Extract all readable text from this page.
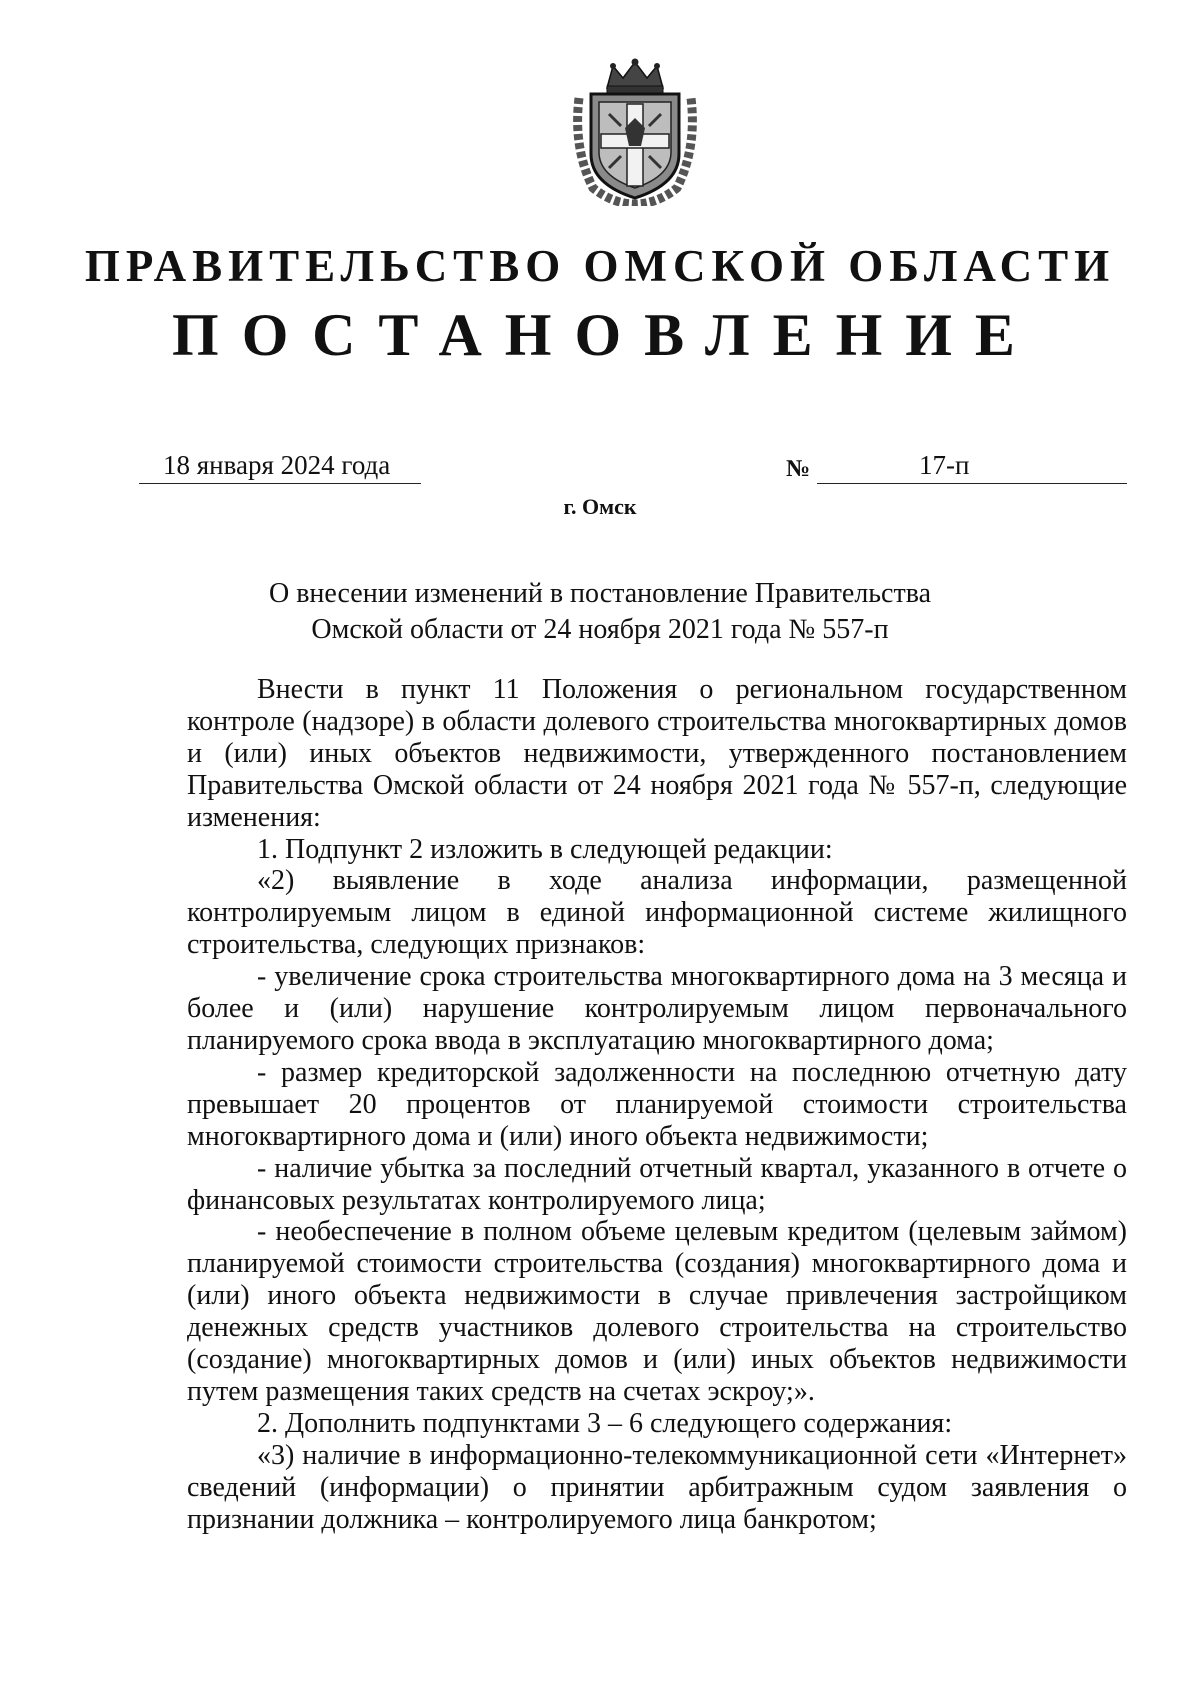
ПРАВИТЕЛЬСТВО ОМСКОЙ ОБЛАСТИ
ПОСТАНОВЛЕНИЕ
18 января 2024 года	№	17-п
г. Омск
О внесении изменений в постановление Правительства
Омской области от 24 ноября 2021 года № 557-п

Внести в пункт 11 Положения о региональном государственном контроле (надзоре) в области долевого строительства многоквартирных домов и (или) иных объектов недвижимости, утвержденного постановлением Правительства Омской области от 24 ноября 2021 года № 557-п, следующие изменения:

1. Подпункт 2 изложить в следующей редакции:

«2) выявление в ходе анализа информации, размещенной контролируемым лицом в единой информационной системе жилищного строительства, следующих признаков:

- увеличение срока строительства многоквартирного дома на 3 месяца и более и (или) нарушение контролируемым лицом первоначального планируемого срока ввода в эксплуатацию многоквартирного дома;

- размер кредиторской задолженности на последнюю отчетную дату превышает 20 процентов от планируемой стоимости строительства многоквартирного дома и (или) иного объекта недвижимости;

- наличие убытка за последний отчетный квартал, указанного в отчете о финансовых результатах контролируемого лица;

- необеспечение в полном объеме целевым кредитом (целевым займом) планируемой стоимости строительства (создания) многоквартирного дома и (или) иного объекта недвижимости в случае привлечения застройщиком денежных средств участников долевого строительства на строительство (создание) многоквартирных домов и (или) иных объектов недвижимости путем размещения таких средств на счетах эскроу;».

2. Дополнить подпунктами 3 – 6 следующего содержания:

«3) наличие в информационно-телекоммуникационной сети «Интернет» сведений (информации) о принятии арбитражным судом заявления о признании должника – контролируемого лица банкротом;
